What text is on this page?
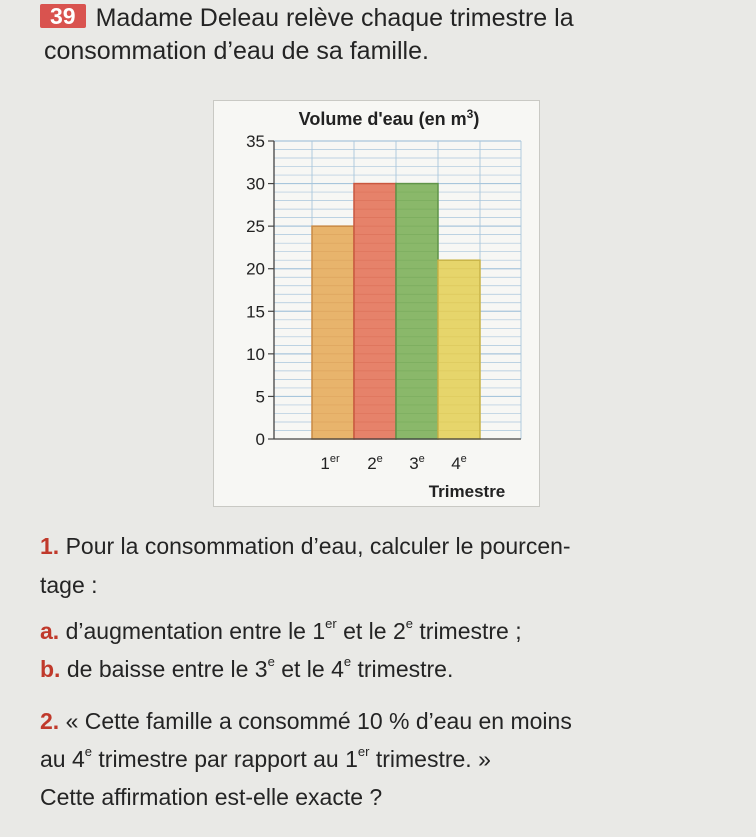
39 Madame Deleau relève chaque trimestre la
consommation d’eau de sa famille.
0
5
10
15
20
25
30
35
1er 2e 3e 4e
Volume d'eau (en $m^3$)
Trimestre
1. Pour la consommation d’eau, calculer le pourcen-
tage :
a. d’augmentation entre le 1er et le 2e trimestre ;
b. de baisse entre le 3e et le 4e trimestre.
2. « Cette famille a consommé 10 % d’eau en moins
au 4e trimestre par rapport au 1er trimestre. »
Cette affirmation est-elle exacte ?
